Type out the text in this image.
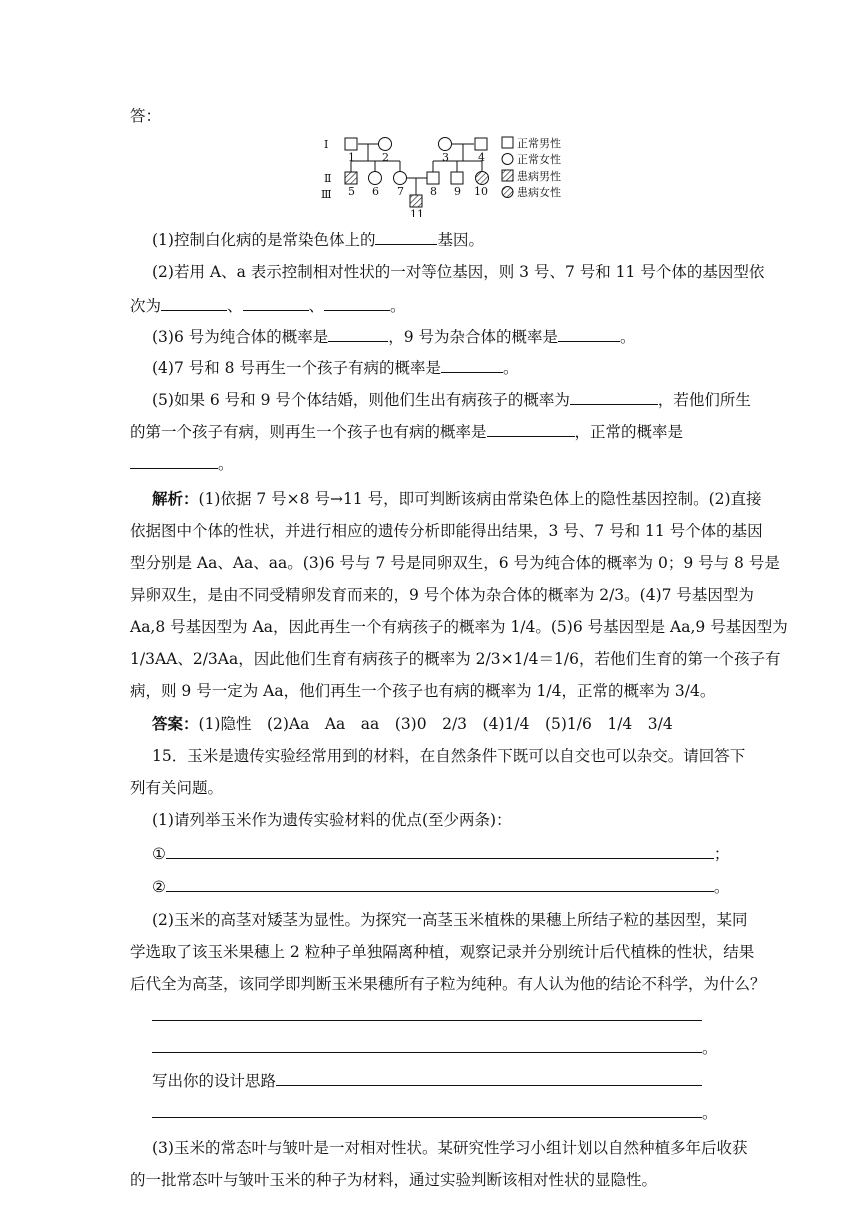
答：
Ⅰ
Ⅱ
Ⅲ
1 2	3	4
5 6 7 8 9 10
11
正常男性
正常女性
患病男性
患病女性
(1)控制白化病的是常染色体上的	基因。
(2)若用 A、a 表示控制相对性状的一对等位基因，则 3 号、7 号和 11 号个体的基因型依
次为	、	、	。
(3)6 号为纯合体的概率是	，9 号为杂合体的概率是	。
(4)7 号和 8 号再生一个孩子有病的概率是	。
(5)如果 6 号和 9 号个体结婚，则他们生出有病孩子的概率为	，若他们所生
的第一个孩子有病，则再生一个孩子也有病的概率是	，正常的概率是
。
解析：(1)依据 7 号×8 号→11 号，即可判断该病由常染色体上的隐性基因控制。(2)直接
依据图中个体的性状，并进行相应的遗传分析即能得出结果，3 号、7 号和 11 号个体的基因
型分别是 Aa、Aa、aa。(3)6 号与 7 号是同卵双生，6 号为纯合体的概率为 0；9 号与 8 号是
异卵双生，是由不同受精卵发育而来的，9 号个体为杂合体的概率为 2/3。(4)7 号基因型为
Aa,8 号基因型为 Aa，因此再生一个有病孩子的概率为 1/4。(5)6 号基因型是 Aa,9 号基因型为
1/3AA、2/3Aa，因此他们生育有病孩子的概率为 2/3×1/4＝1/6，若他们生育的第一个孩子有
病，则 9 号一定为 Aa，他们再生一个孩子也有病的概率为 1/4，正常的概率为 3/4。
答案：(1)隐性　(2)Aa　Aa　aa　(3)0　2/3　(4)1/4　(5)1/6　1/4　3/4
15．玉米是遗传实验经常用到的材料，在自然条件下既可以自交也可以杂交。请回答下
列有关问题。
(1)请列举玉米作为遗传实验材料的优点(至少两条)：
①	；
②	。
(2)玉米的高茎对矮茎为显性。为探究一高茎玉米植株的果穗上所结子粒的基因型，某同
学选取了该玉米果穗上 2 粒种子单独隔离种植，观察记录并分别统计后代植株的性状，结果
后代全为高茎，该同学即判断玉米果穗所有子粒为纯种。有人认为他的结论不科学，为什么？
。
写出你的设计思路
。
(3)玉米的常态叶与皱叶是一对相对性状。某研究性学习小组计划以自然种植多年后收获
的一批常态叶与皱叶玉米的种子为材料，通过实验判断该相对性状的显隐性。
